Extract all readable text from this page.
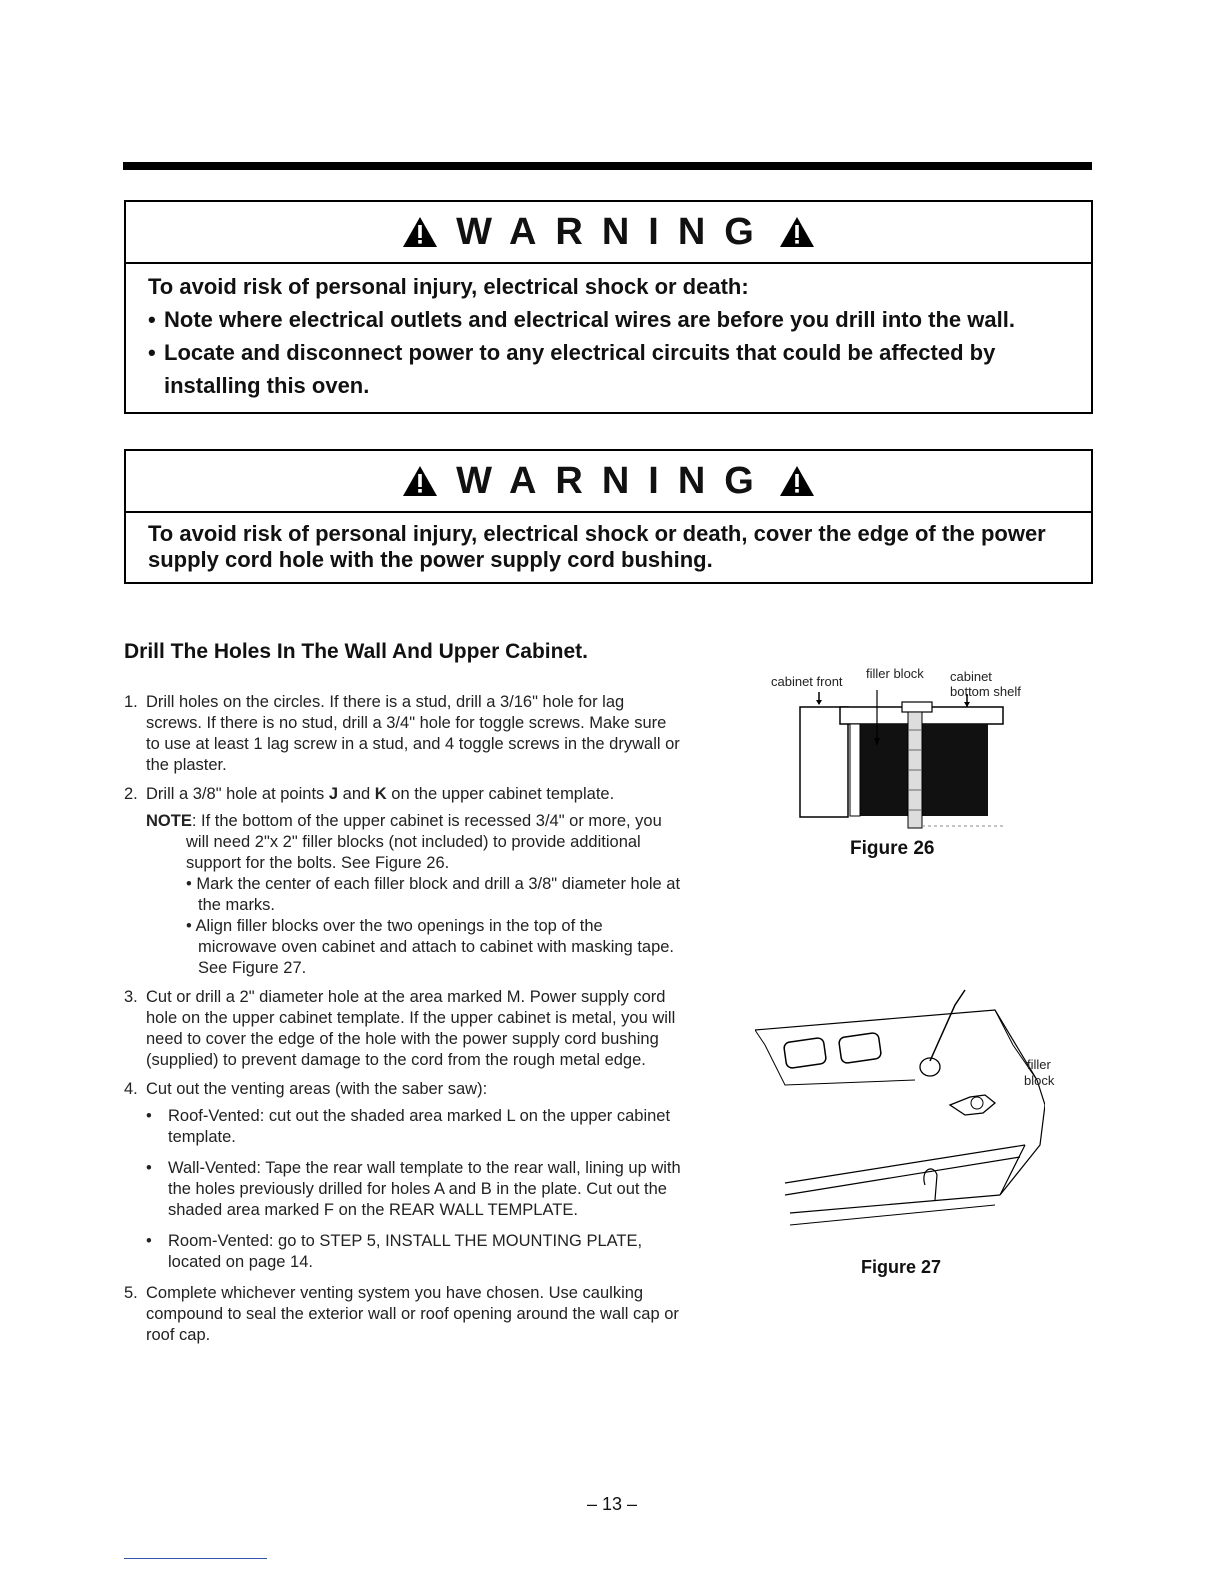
WARNING
To avoid risk of personal injury, electrical shock or death:
• Note where electrical outlets and electrical wires are before you drill into the wall.
• Locate and disconnect power to any electrical circuits that could be affected by installing this oven.
WARNING
To avoid risk of personal injury, electrical shock or death, cover the edge of the power supply cord hole with the power supply cord bushing.
Drill The Holes In The Wall And Upper Cabinet.
1. Drill holes on the circles. If there is a stud, drill a 3/16" hole for lag screws. If there is no stud, drill a 3/4" hole for toggle screws. Make sure to use at least 1 lag screw in a stud, and 4 toggle screws in the drywall or the plaster.
2. Drill a 3/8" hole at points J and K on the upper cabinet template.
NOTE: If the bottom of the upper cabinet is recessed 3/4" or more, you will need 2"x 2" filler blocks (not included) to provide additional support for the bolts. See Figure 26.
• Mark the center of each filler block and drill a 3/8" diameter hole at the marks.
• Align filler blocks over the two openings in the top of the microwave oven cabinet and attach to cabinet with masking tape. See Figure 27.
3. Cut or drill a 2" diameter hole at the area marked M. Power supply cord hole on the upper cabinet template. If the upper cabinet is metal, you will need to cover the edge of the hole with the power supply cord bushing (supplied) to prevent damage to the cord from the rough metal edge.
4. Cut out the venting areas (with the saber saw):
• Roof-Vented: cut out the shaded area marked L on the upper cabinet template.
• Wall-Vented: Tape the rear wall template to the rear wall, lining up with the holes previously drilled for holes A and B in the plate. Cut out the shaded area marked F on the REAR WALL TEMPLATE.
• Room-Vented: go to STEP 5, INSTALL THE MOUNTING PLATE, located on page 14.
5. Complete whichever venting system you have chosen. Use caulking compound to seal the exterior wall or roof opening around the wall cap or roof cap.
cabinet front
filler block cabinet
bottom shelf
Figure 26
filler
block
Figure 27
– 13 –
